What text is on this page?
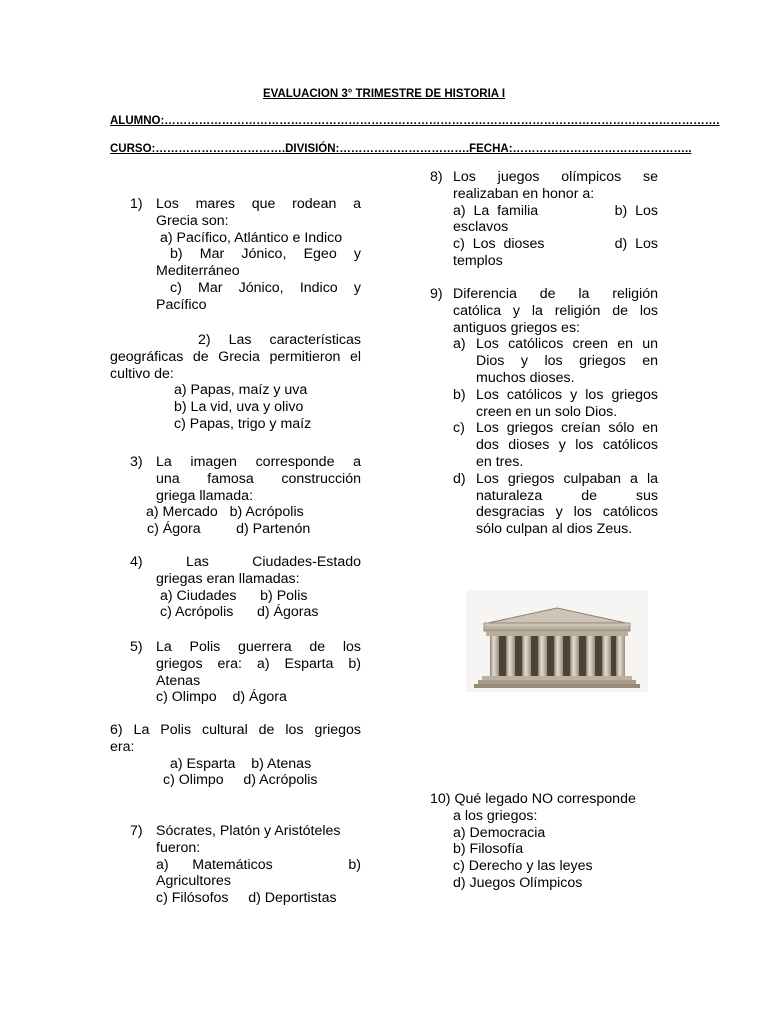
EVALUACION 3° TRIMESTRE DE HISTORIA I
ALUMNO:……………………………………………………………………………………………………………………………….
CURSO:…………………………….DIVISIÓN:…………………………….FECHA:………………………………………..
1) Los mares que rodean a

Grecia son:

a) Pacífico, Atlántico e Indico

b) Mar Jónico, Egeo y

Mediterráneo

c) Mar Jónico, Indico y

Pacífico

2) Las características

geográficas de Grecia permitieron el

cultivo de:

a) Papas, maíz y uva

b) La vid, uva y olivo

c) Papas, trigo y maíz

3) La imagen corresponde a

una famosa construcción

griega llamada:

a) Mercado   b) Acrópolis

c) Ágora         d) Partenón

4)	Las Ciudades-Estado

griegas eran llamadas:

a) Ciudades      b) Polis

c) Acrópolis      d) Ágoras

5) La Polis guerrera de los

griegos era: a) Esparta b)

Atenas

c) Olimpo    d) Ágora

6) La Polis cultural de los griegos

era:

a) Esparta    b) Atenas

c) Olimpo     d) Acrópolis

7) Sócrates, Platón y Aristóteles

fueron:

a)      Matemáticos	b)

Agricultores

c) Filósofos     d) Deportistas

8) Los juegos olímpicos se

realizaban en honor a:

a)  La  familia	b)  Los

esclavos

c)  Los  dioses	d)  Los

templos

9) Diferencia de la religión

católica y la religión de los

antiguos griegos es:

a) Los católicos creen en un

Dios y los griegos en

muchos dioses.

b) Los católicos y los griegos

creen en un solo Dios.

c) Los griegos creían sólo en

dos dioses y los católicos

en tres.

d) Los griegos culpaban a la

naturaleza de sus

desgracias y los católicos

sólo culpan al dios Zeus.

10) Qué legado NO corresponde

a los griegos:

a) Democracia

b) Filosofía

c) Derecho y las leyes

d) Juegos Olímpicos
